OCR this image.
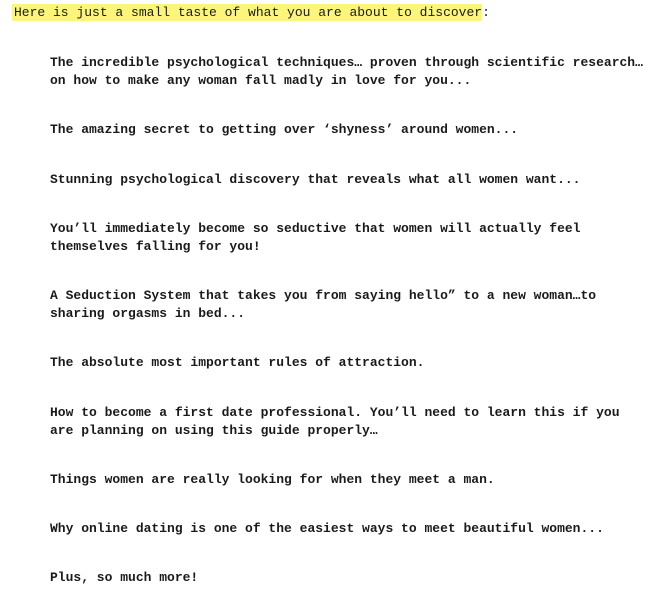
Here is just a small taste of what you are about to discover:

The incredible psychological techniques… proven through scientific research…
on how to make any woman fall madly in love for you...

The amazing secret to getting over ‘shyness’ around women...

Stunning psychological discovery that reveals what all women want...

You’ll immediately become so seductive that women will actually feel
themselves falling for you!

A Seduction System that takes you from saying hello” to a new woman…to
sharing orgasms in bed...

The absolute most important rules of attraction.

How to become a first date professional. You’ll need to learn this if you
are planning on using this guide properly…

Things women are really looking for when they meet a man.

Why online dating is one of the easiest ways to meet beautiful women...

Plus, so much more!
